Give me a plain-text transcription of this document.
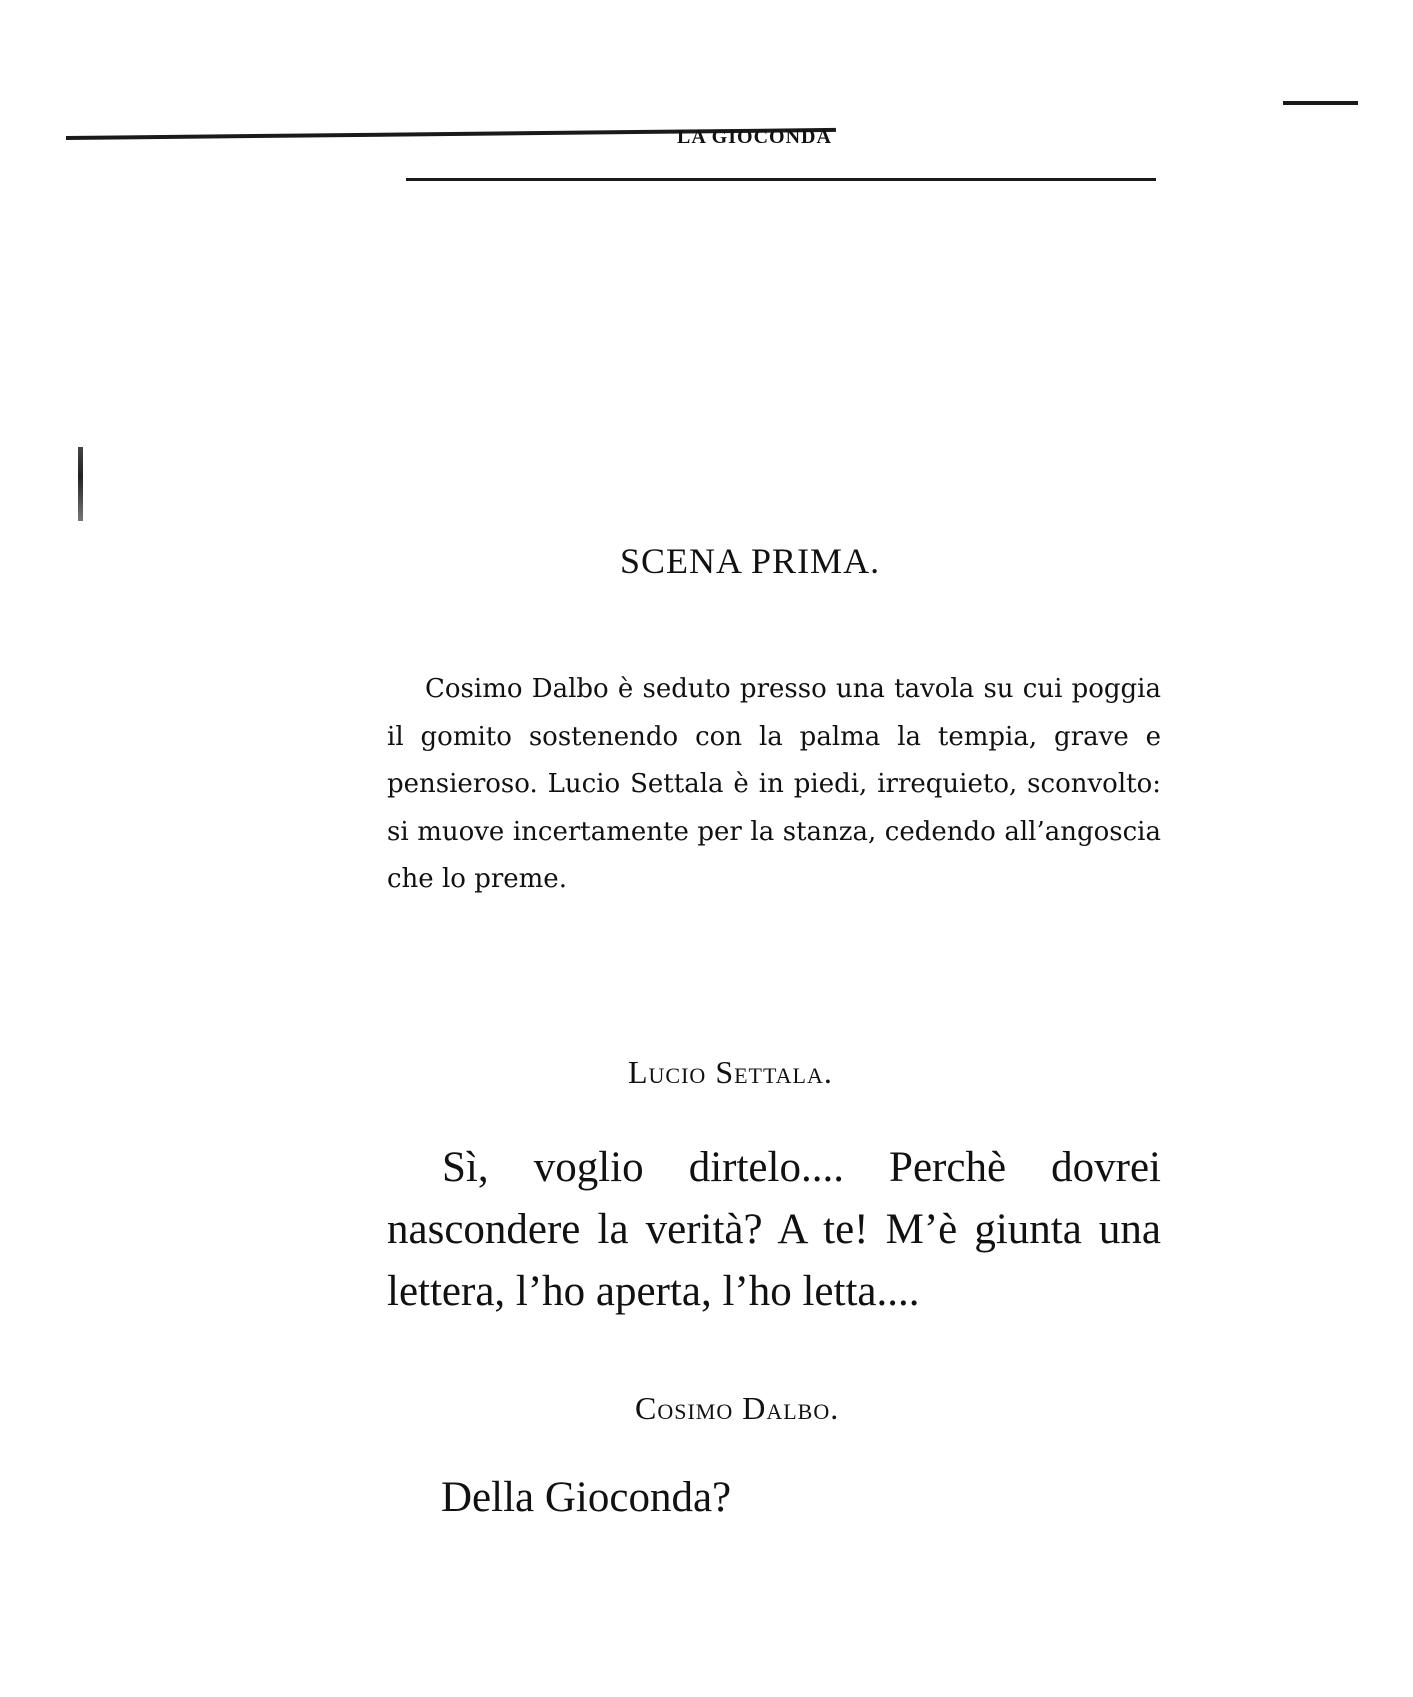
LA GIOCONDA
SCENA PRIMA.
Cosimo Dalbo è seduto presso una tavola su cui poggia il gomito sostenendo con la palma la tempia, grave e pensieroso. Lucio Settala è in piedi, irrequieto, sconvolto: si muove incertamente per la stanza, cedendo all’angoscia che lo preme.
Lucio Settala.
Sì, voglio dirtelo.... Perchè dovrei nascondere la verità? A te! M’è giunta una lettera, l’ho aperta, l’ho letta....
Cosimo Dalbo.
Della Gioconda?
